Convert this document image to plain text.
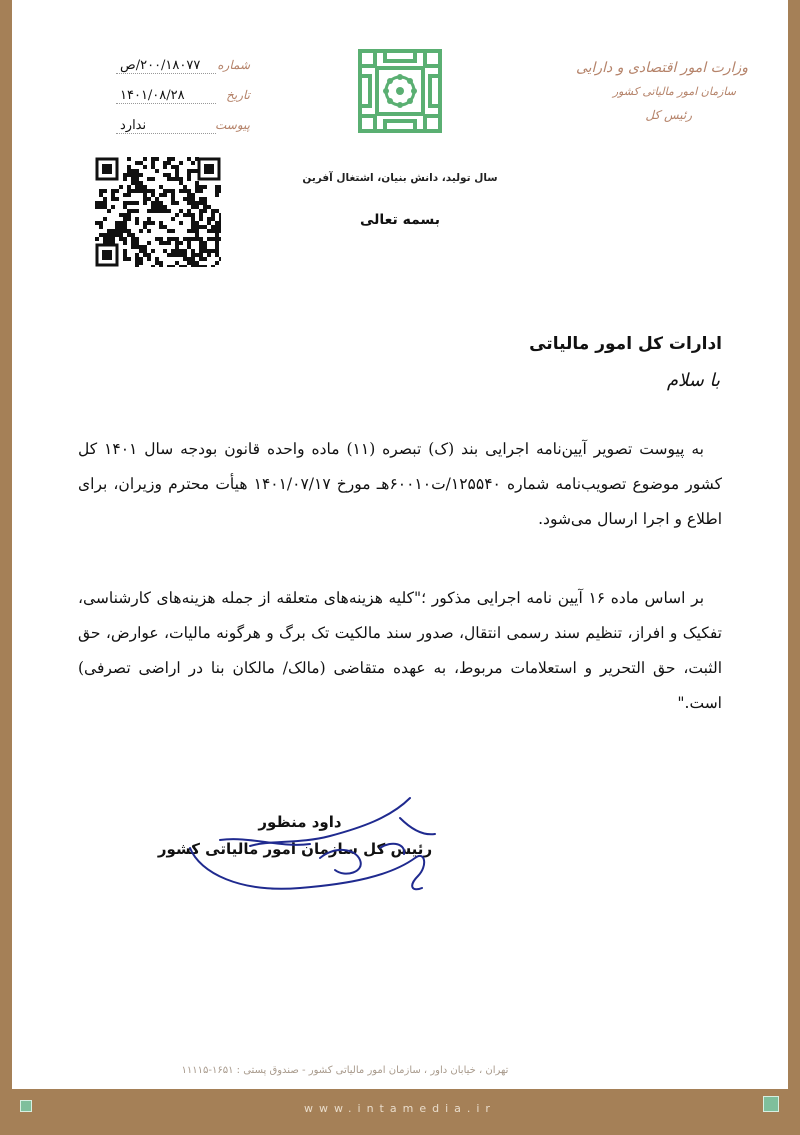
وزارت امور اقتصادی و دارایی
سازمان امور مالیاتی کشور
رئیس کل
سال تولید، دانش بنیان، اشتغال آفرین
بسمه تعالی
شماره
۲۰۰/۱۸۰۷۷/ص
تاریخ
۱۴۰۱/۰۸/۲۸
پیوست
ندارد
ادارات کل امور مالیاتی
با سلام
به پیوست تصویر آیین‌نامه اجرایی بند (ک) تبصره (۱۱) ماده واحده قانون بودجه سال ۱۴۰۱ کل کشور موضوع تصویب‌نامه شماره ۱۲۵۵۴۰/ت۶۰۰۱۰هـ مورخ ۱۴۰۱/۰۷/۱۷ هیأت محترم وزیران، برای اطلاع و اجرا ارسال می‌شود.
بر اساس ماده ۱۶ آیین نامه اجرایی مذکور ؛"کلیه هزینه‌های متعلقه از جمله هزینه‌های کارشناسی، تفکیک و افراز، تنظیم سند رسمی انتقال، صدور سند مالکیت تک برگ و هرگونه مالیات، عوارض، حق الثبت، حق التحریر و استعلامات مربوط، به عهده متقاضی (مالک/ مالکان بنا در اراضی تصرفی) است."
داود منظور
رئیس کل سازمان امور مالیاتی کشور
تهران ، خیابان داور ، سازمان امور مالیاتی کشور - صندوق پستی : ۱۶۵۱-۱۱۱۱۵
www.intamedia.ir
